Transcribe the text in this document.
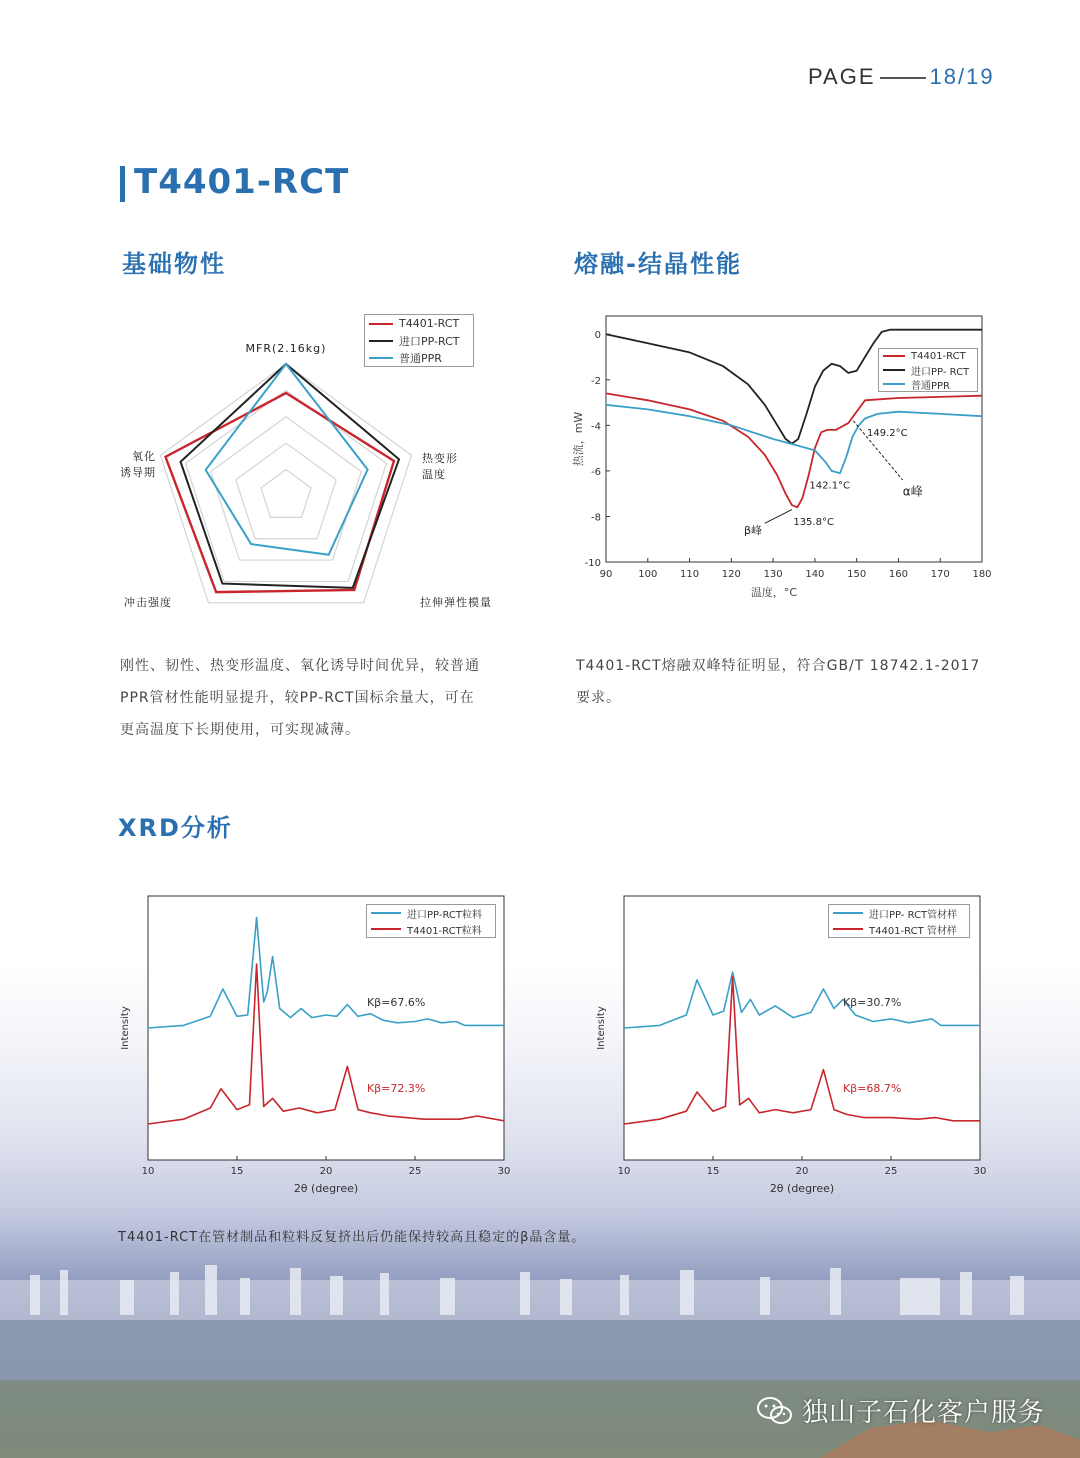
PAGE 18/19
T4401-RCT
基础物性	熔融-结晶性能
MFR(2.16kg)
热变形
温度
拉伸弹性模量
冲击强度
氧化
诱导期
T4401-RCT
进口PP-RCT
普通PPR
90	100 110 120 130 140 150 160 170 180
0
-2
-4
-6
-8
-10
温度，°C
热流，mW	149.2°C
142.1°C
135.8°C
α峰
β峰
T4401-RCT
进口PP- RCT
普通PPR
刚性、韧性、热变形温度、氧化诱导时间优异，较普通
PPR管材性能明显提升，较PP-RCT国标余量大，可在
更高温度下长期使用，可实现减薄。
T4401-RCT熔融双峰特征明显，符合GB/T 18742.1-2017
要求。
XRD分析
10	15	20	25	30
2θ (degree)
Intensity
Kβ=67.6%
Kβ=72.3%
进口PP-RCT粒料
T4401-RCT粒料
10	15	20	25	30
2θ (degree)
Intensity
Kβ=30.7%
Kβ=68.7%
进口PP- RCT管材样
T4401-RCT 管材样
T4401-RCT在管材制品和粒料反复挤出后仍能保持较高且稳定的β晶含量。
独山子石化客户服务
